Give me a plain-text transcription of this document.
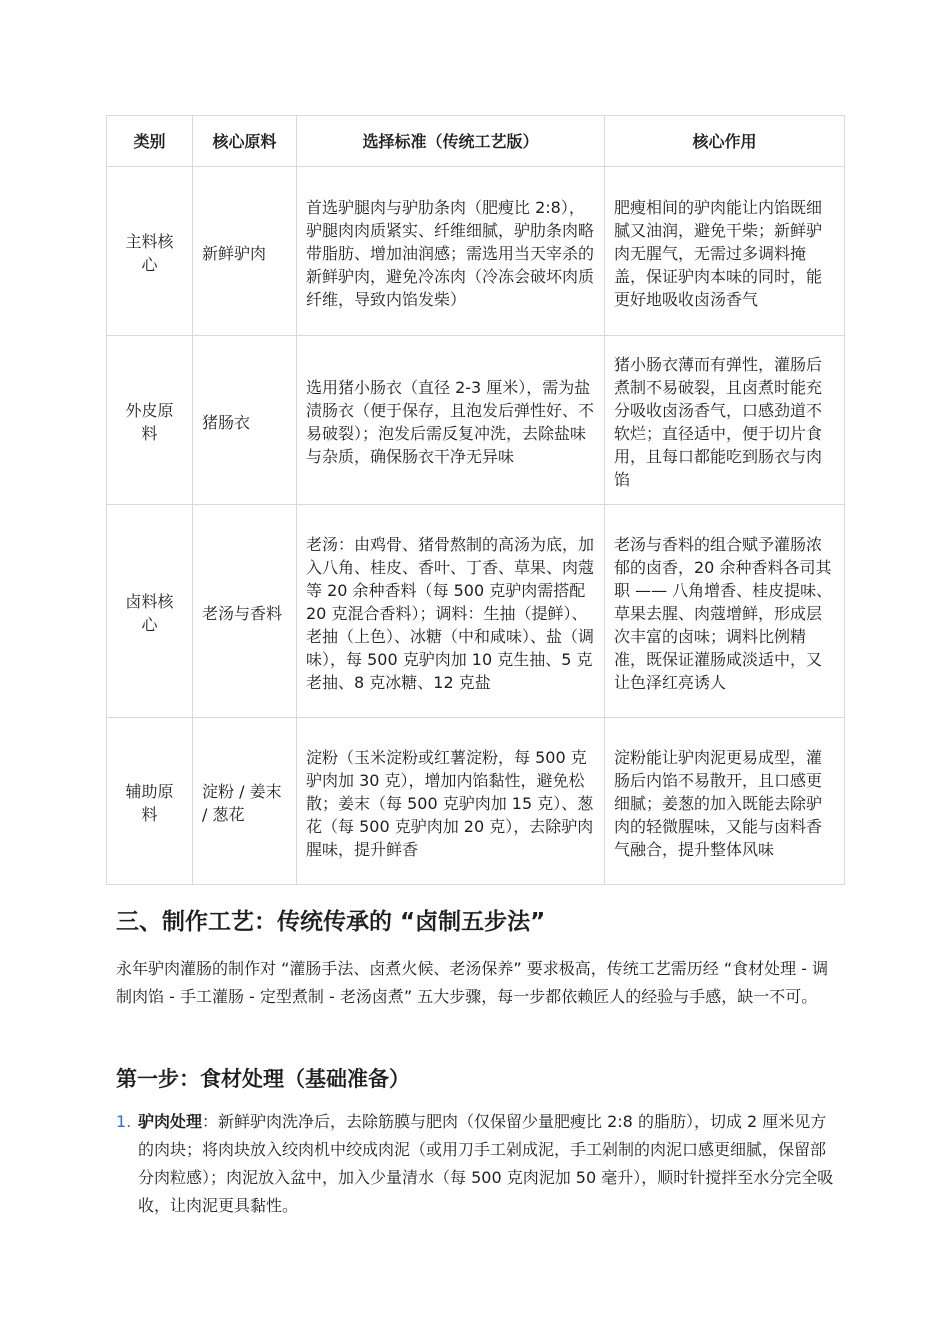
类别	核心原料	选择标准（传统工艺版）	核心作用
主料核心	新鲜驴肉	首选驴腿肉与驴肋条肉（肥瘦比 2:8），驴腿肉肉质紧实、纤维细腻，驴肋条肉略带脂肪、增加油润感；需选用当天宰杀的新鲜驴肉，避免冷冻肉（冷冻会破坏肉质纤维，导致内馅发柴）	肥瘦相间的驴肉能让内馅既细腻又油润，避免干柴；新鲜驴肉无腥气，无需过多调料掩盖，保证驴肉本味的同时，能更好地吸收卤汤香气
外皮原料	猪肠衣	选用猪小肠衣（直径 2-3 厘米），需为盐渍肠衣（便于保存，且泡发后弹性好、不易破裂）；泡发后需反复冲洗，去除盐味与杂质，确保肠衣干净无异味	猪小肠衣薄而有弹性，灌肠后煮制不易破裂，且卤煮时能充分吸收卤汤香气，口感劲道不软烂；直径适中，便于切片食用，且每口都能吃到肠衣与肉馅
卤料核心	老汤与香料	老汤：由鸡骨、猪骨熬制的高汤为底，加入八角、桂皮、香叶、丁香、草果、肉蔻等 20 余种香料（每 500 克驴肉需搭配 20 克混合香料）；调料：生抽（提鲜）、老抽（上色）、冰糖（中和咸味）、盐（调味），每 500 克驴肉加 10 克生抽、5 克老抽、8 克冰糖、12 克盐	老汤与香料的组合赋予灌肠浓郁的卤香，20 余种香料各司其职 —— 八角增香、桂皮提味、草果去腥、肉蔻增鲜，形成层次丰富的卤味；调料比例精准，既保证灌肠咸淡适中，又让色泽红亮诱人
辅助原料	淀粉 / 姜末 / 葱花	淀粉（玉米淀粉或红薯淀粉，每 500 克驴肉加 30 克），增加内馅黏性，避免松散；姜末（每 500 克驴肉加 15 克）、葱花（每 500 克驴肉加 20 克），去除驴肉腥味，提升鲜香	淀粉能让驴肉泥更易成型，灌肠后内馅不易散开，且口感更细腻；姜葱的加入既能去除驴肉的轻微腥味，又能与卤料香气融合，提升整体风味
三、制作工艺：传统传承的 “卤制五步法”

永年驴肉灌肠的制作对 “灌肠手法、卤煮火候、老汤保养” 要求极高，传统工艺需历经 “食材处理 - 调制肉馅 - 手工灌肠 - 定型煮制 - 老汤卤煮” 五大步骤，每一步都依赖匠人的经验与手感，缺一不可。

第一步：食材处理（基础准备）
1. 驴肉处理：新鲜驴肉洗净后，去除筋膜与肥肉（仅保留少量肥瘦比 2:8 的脂肪），切成 2 厘米见方的肉块；将肉块放入绞肉机中绞成肉泥（或用刀手工剁成泥，手工剁制的肉泥口感更细腻，保留部分肉粒感）；肉泥放入盆中，加入少量清水（每 500 克肉泥加 50 毫升），顺时针搅拌至水分完全吸收，让肉泥更具黏性。
